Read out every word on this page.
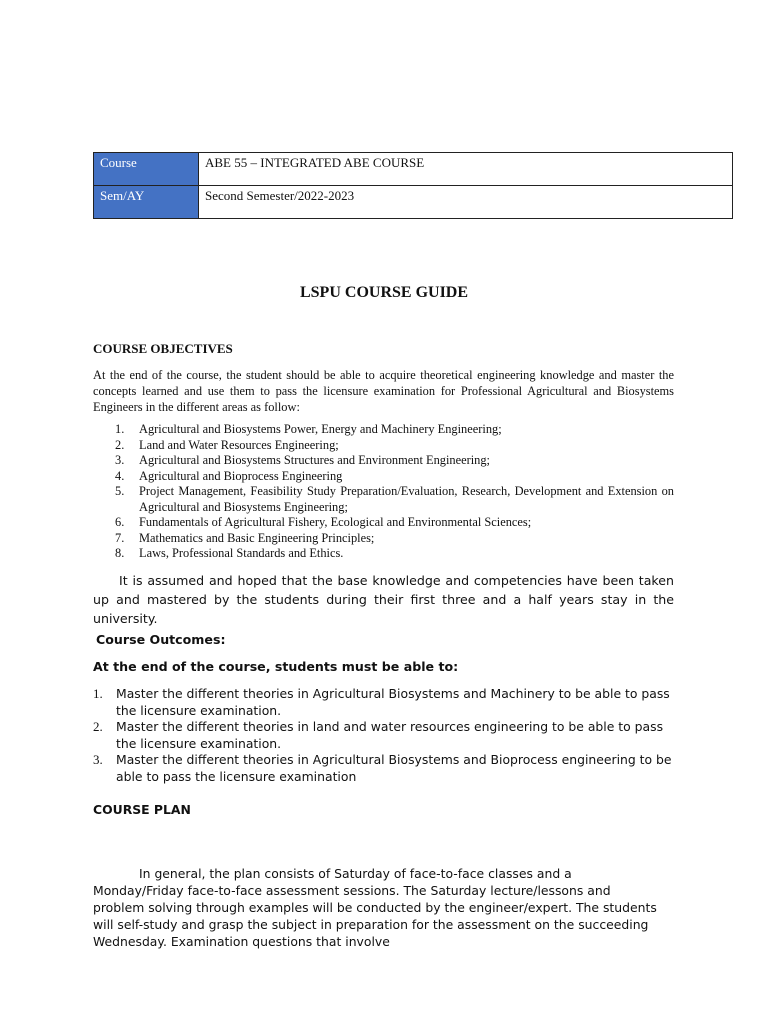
Course	ABE 55 – INTEGRATED ABE COURSE
Sem/AY	Second Semester/2022-2023
LSPU COURSE GUIDE
COURSE OBJECTIVES

At the end of the course, the student should be able to acquire theoretical engineering knowledge and master the concepts learned and use them to pass the licensure examination for Professional Agricultural and Biosystems Engineers in the different areas as follow:

1. Agricultural and Biosystems Power, Energy and Machinery Engineering;
2. Land and Water Resources Engineering;
3. Agricultural and Biosystems Structures and Environment Engineering;
4. Agricultural and Bioprocess Engineering
5. Project Management, Feasibility Study Preparation/Evaluation, Research, Development and Extension on Agricultural and Biosystems Engineering;
6. Fundamentals of Agricultural Fishery, Ecological and Environmental Sciences;
7. Mathematics and Basic Engineering Principles;
8. Laws, Professional Standards and Ethics.

It is assumed and hoped that the base knowledge and competencies have been taken up and mastered by the students during their first three and a half years stay in the university.

Course Outcomes:
At the end of the course, students must be able to:
1. Master the different theories in Agricultural Biosystems and Machinery to be able to pass the licensure examination.
2. Master the different theories in land and water resources engineering to be able to pass the licensure examination.
3. Master the different theories in Agricultural Biosystems and Bioprocess engineering to be able to pass the licensure examination
COURSE PLAN

In general, the plan consists of Saturday of face-to-face classes and a Monday/Friday face-to-face assessment sessions. The Saturday lecture/lessons and problem solving through examples will be conducted by the engineer/expert. The students will self-study and grasp the subject in preparation for the assessment on the succeeding Wednesday. Examination questions that involve
